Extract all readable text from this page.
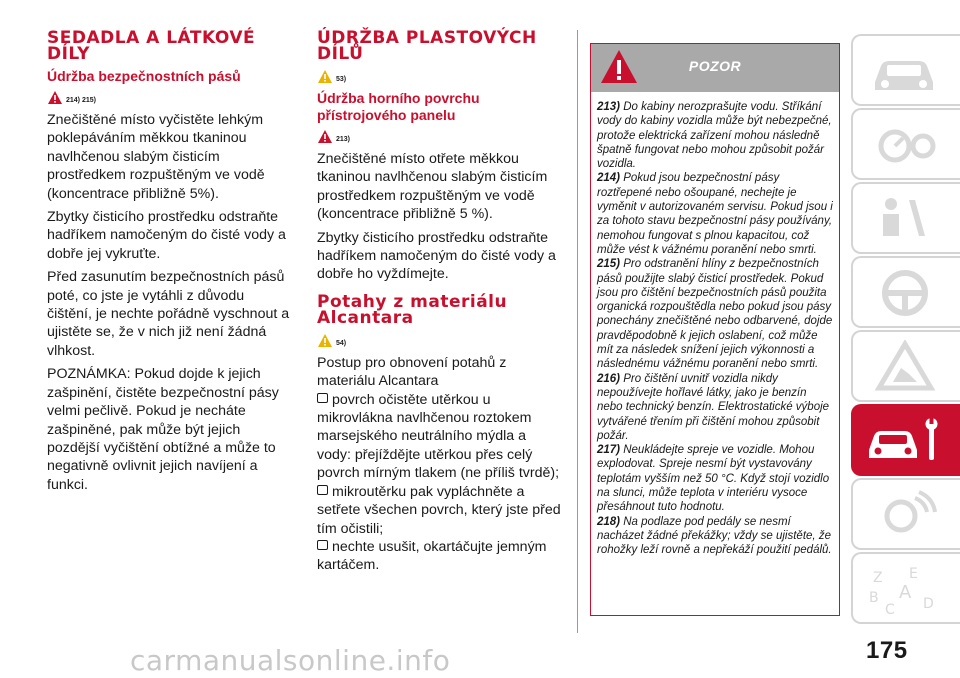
SEDADLA A LÁTKOVÉ DÍLY
Údržba bezpečnostních pásů
214) 215)

Znečištěné místo vyčistěte lehkým poklepáváním měkkou tkaninou navlhčenou slabým čisticím prostředkem rozpuštěným ve vodě (koncentrace přibližně 5%).

Zbytky čisticího prostředku odstraňte hadříkem namočeným do čisté vody a dobře jej vykruťte.

Před zasunutím bezpečnostních pásů poté, co jste je vytáhli z důvodu čištění, je nechte pořádně vyschnout a ujistěte se, že v nich již není žádná vlhkost.

POZNÁMKA: Pokud dojde k jejich zašpinění, čistěte bezpečnostní pásy velmi pečlivě. Pokud je necháte zašpiněné, pak může být jejich pozdější vyčištění obtížné a může to negativně ovlivnit jejich navíjení a funkci.

ÚDRŽBA PLASTOVÝCH DÍLŮ
53)
Údržba horního povrchu přístrojového panelu
213)

Znečištěné místo otřete měkkou tkaninou navlhčenou slabým čisticím prostředkem rozpuštěným ve vodě (koncentrace přibližně 5 %).

Zbytky čisticího prostředku odstraňte hadříkem namočeným do čisté vody a dobře ho vyždímejte.

Potahy z materiálu Alcantara
54)

Postup pro obnovení potahů z materiálu Alcantara

povrch očistěte utěrkou u mikrovlákna navlhčenou roztokem marsejského neutrálního mýdla a vody: přejíždějte utěrkou přes celý povrch mírným tlakem (ne příliš tvrdě);

mikroutěrku pak vypláchněte a setřete všechen povrch, který jste před tím očistili;

nechte usušit, okartáčujte jemným kartáčem.

POZOR

213) Do kabiny nerozprašujte vodu. Stříkání vody do kabiny vozidla může být nebezpečné, protože elektrická zařízení mohou následně špatně fungovat nebo mohou způsobit požár vozidla.

214) Pokud jsou bezpečnostní pásy roztřepené nebo ošoupané, nechejte je vyměnit v autorizovaném servisu. Pokud jsou i za tohoto stavu bezpečnostní pásy používány, nemohou fungovat s plnou kapacitou, což může vést k vážnému poranění nebo smrti.

215) Pro odstranění hlíny z bezpečnostních pásů použijte slabý čisticí prostředek. Pokud jsou pro čištění bezpečnostních pásů použita organická rozpouštědla nebo pokud jsou pásy ponechány znečištěné nebo odbarvené, dojde pravděpodobně k jejich oslabení, což může mít za následek snížení jejich výkonnosti a následnému vážnému poranění nebo smrti.

216) Pro čištění uvnitř vozidla nikdy nepoužívejte hořlavé látky, jako je benzín nebo technický benzín. Elektrostatické výboje vytvářené třením při čištění mohou způsobit požár.

217) Neukládejte spreje ve vozidle. Mohou explodovat. Spreje nesmí být vystavovány teplotám vyšším než 50 °C. Když stojí vozidlo na slunci, může teplota v interiéru vysoce přesáhnout tuto hodnotu.

218) Na podlaze pod pedály se nesmí nacházet žádné překážky; vždy se ujistěte, že rohožky leží rovně a nepřekáží použití pedálů.

Z E
B A
C D
175
carmanualsonline.info
